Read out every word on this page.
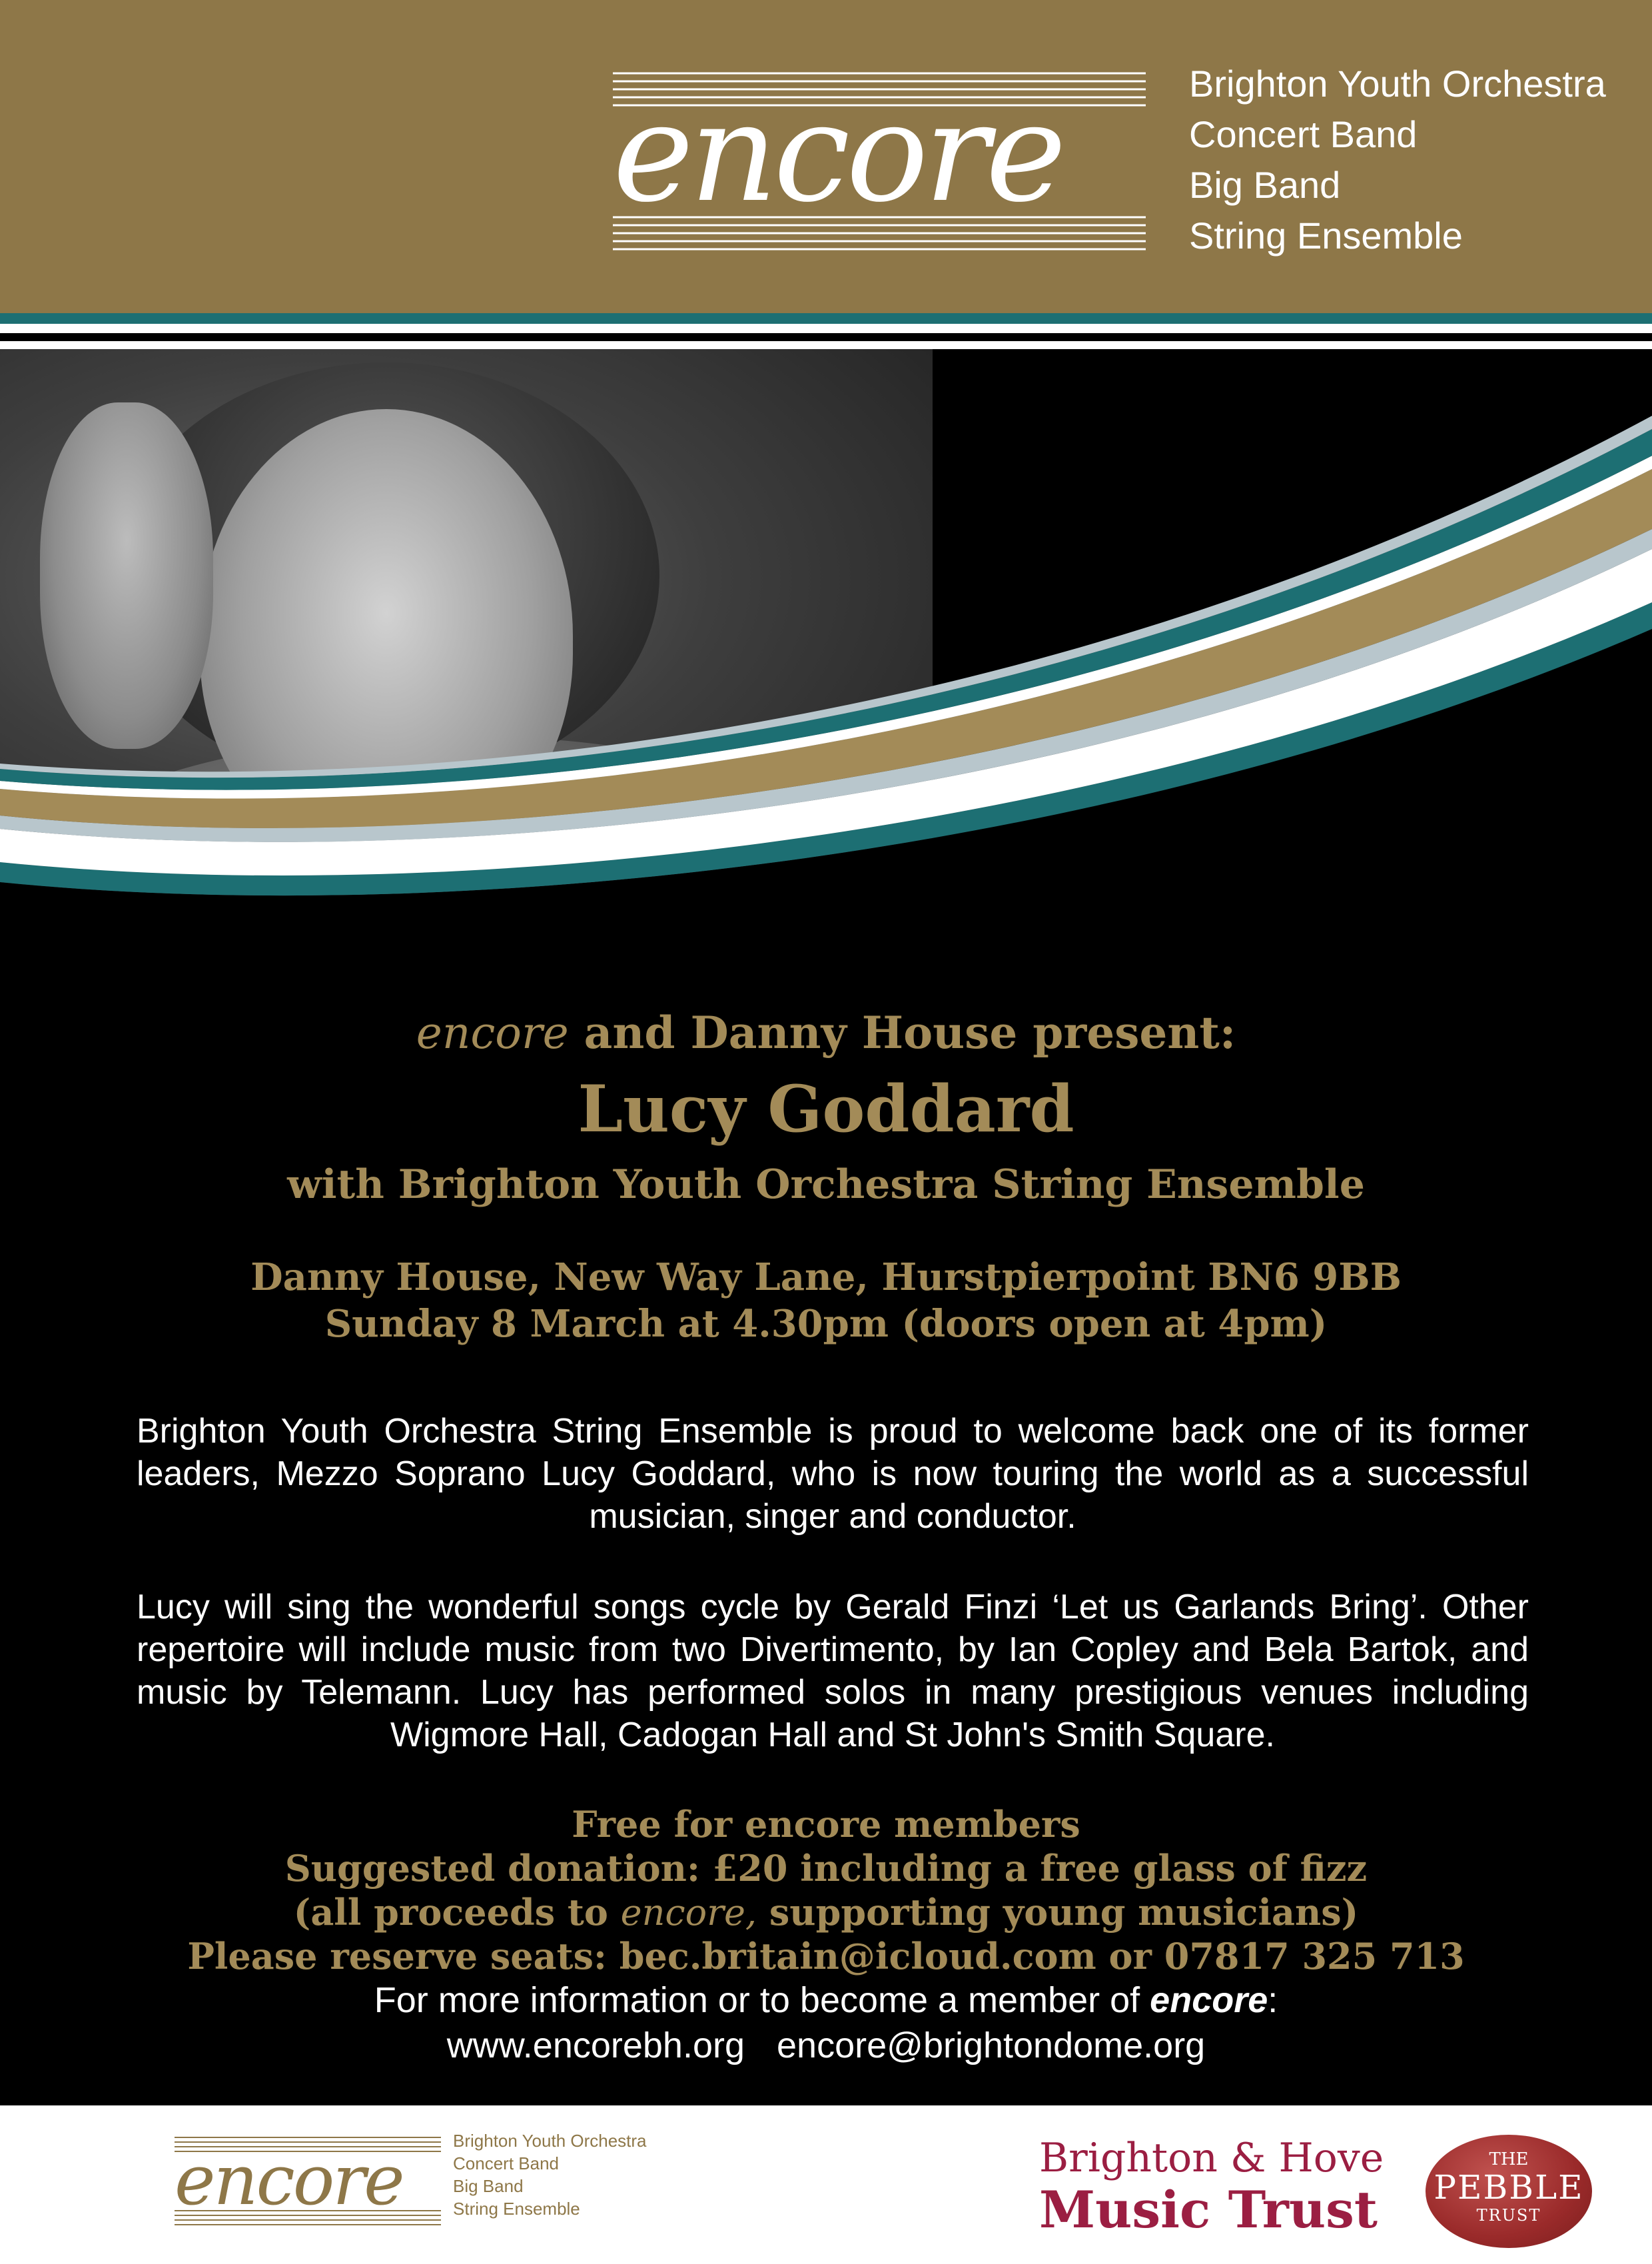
encore	Brighton Youth Orchestra
Concert Band
Big Band
String Ensemble
encore and Danny House present:
Lucy Goddard
with Brighton Youth Orchestra String Ensemble
Danny House, New Way Lane, Hurstpierpoint BN6 9BB
Sunday 8 March at 4.30pm (doors open at 4pm)

Brighton Youth Orchestra String Ensemble is proud to welcome back one of its former leaders, Mezzo Soprano Lucy Goddard, who is now touring the world as a successful musician, singer and conductor.

Lucy will sing the wonderful songs cycle by Gerald Finzi ‘Let us Garlands Bring’. Other repertoire will include music from two Divertimento, by Ian Copley and Bela Bartok, and music by Telemann. Lucy has performed solos in many prestigious venues including Wigmore Hall, Cadogan Hall and St John's Smith Square.

Free for encore members
Suggested donation: £20 including a free glass of fizz
(all proceeds to encore, supporting young musicians)
Please reserve seats: bec.britain@icloud.com or 07817 325 713
For more information or to become a member of encore:
www.encorebh.org encore@brightondome.org
encore	Brighton Youth Orchestra
Concert Band
Big Band
String Ensemble
Brighton & Hove
Music Trust
THE
PEBBLE
TRUST
